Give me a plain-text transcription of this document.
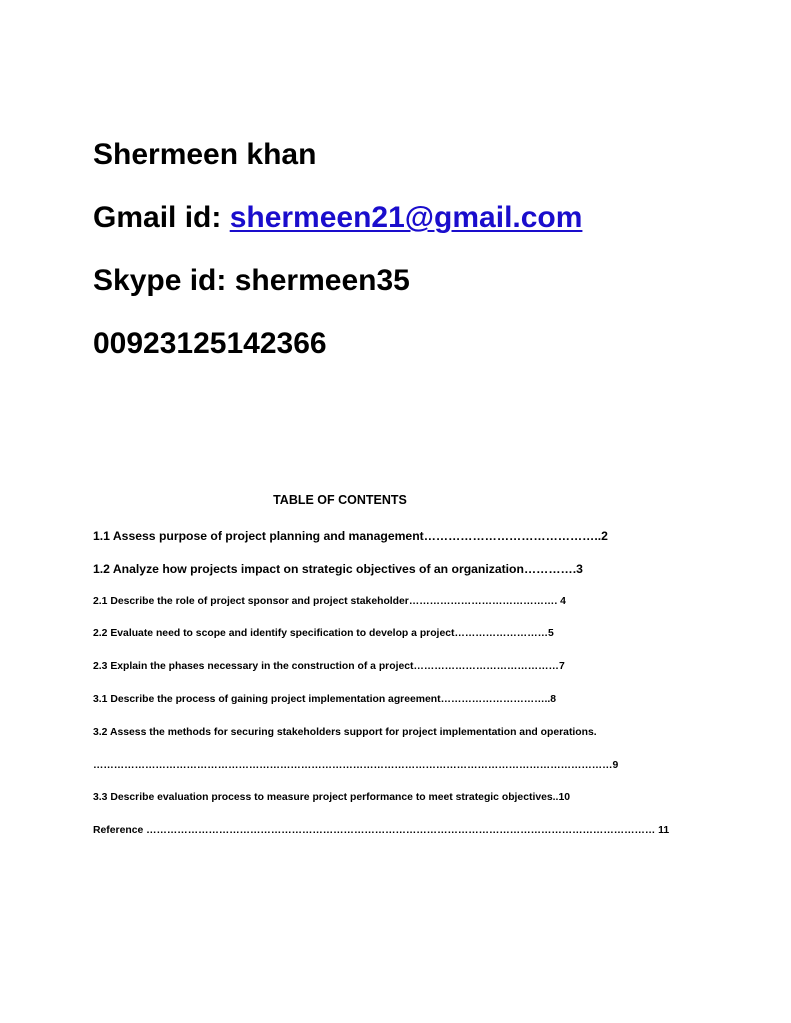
Shermeen khan
Gmail id: shermeen21@gmail.com
Skype id: shermeen35
00923125142366
TABLE OF CONTENTS
1.1 Assess purpose of project planning and management……………………………………..2
1.2 Analyze how projects impact on strategic objectives of an organization………….3
2.1 Describe the role of project sponsor and project stakeholder……………………………………. 4
2.2 Evaluate need to scope and identify specification to develop a project………………………5
2.3 Explain the phases necessary in the construction of a project……………………………………7
3.1 Describe the process of gaining project implementation agreement…………………………..8
3.2 Assess the methods for securing stakeholders support for project implementation and operations.
……………………………………………………………………………………………………………………………………9
3.3 Describe evaluation process to measure project performance to meet strategic objectives..10
Reference ………………………………………………………………………………………………………………………………… 11
